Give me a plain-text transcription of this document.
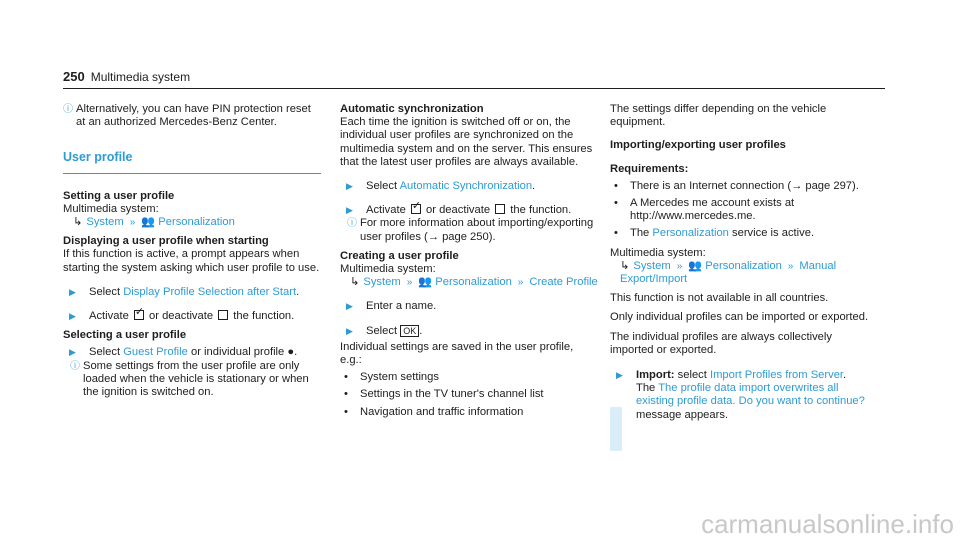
250 Multimedia system
ⓘ Alternatively, you can have PIN protection reset at an authorized Mercedes-Benz Center.
User profile
Setting a user profile
Multimedia system:
↳ System » 👥 Personalization
Displaying a user profile when starting
If this function is active, a prompt appears when starting the system asking which user profile to use.
▶	Select Display Profile Selection after Start.
▶	Activate ✓ or deactivate the function.
Selecting a user profile
▶	Select Guest Profile or individual profile ●.
ⓘ Some settings from the user profile are only loaded when the vehicle is stationary or when the ignition is switched on.
Automatic synchronization
Each time the ignition is switched off or on, the individual user profiles are synchronized on the multimedia system and on the server. This ensures that the latest user profiles are always available.
▶	Select Automatic Synchronization.
▶	Activate ✓ or deactivate the function.
ⓘ For more information about importing/exporting user profiles (→ page 250).
Creating a user profile
Multimedia system:
↳ System » 👥 Personalization » Create Profile
▶	Enter a name.
▶	Select OK .
Individual settings are saved in the user profile, e.g.:
•	System settings
•	Settings in the TV tuner's channel list
•	Navigation and traffic information
The settings differ depending on the vehicle equipment.
Importing/exporting user profiles
Requirements:
•	There is an Internet connection (→ page 297).
•	A Mercedes me account exists at http://www.mercedes.me.
•	The Personalization service is active.
Multimedia system:
↳ System » 👥 Personalization » Manual Export/Import
This function is not available in all countries.
Only individual profiles can be imported or exported.
The individual profiles are always collectively imported or exported.
▶	Import: select Import Profiles from Server.
The The profile data import overwrites all existing profile data. Do you want to continue? message appears.
carmanualsonline.info
